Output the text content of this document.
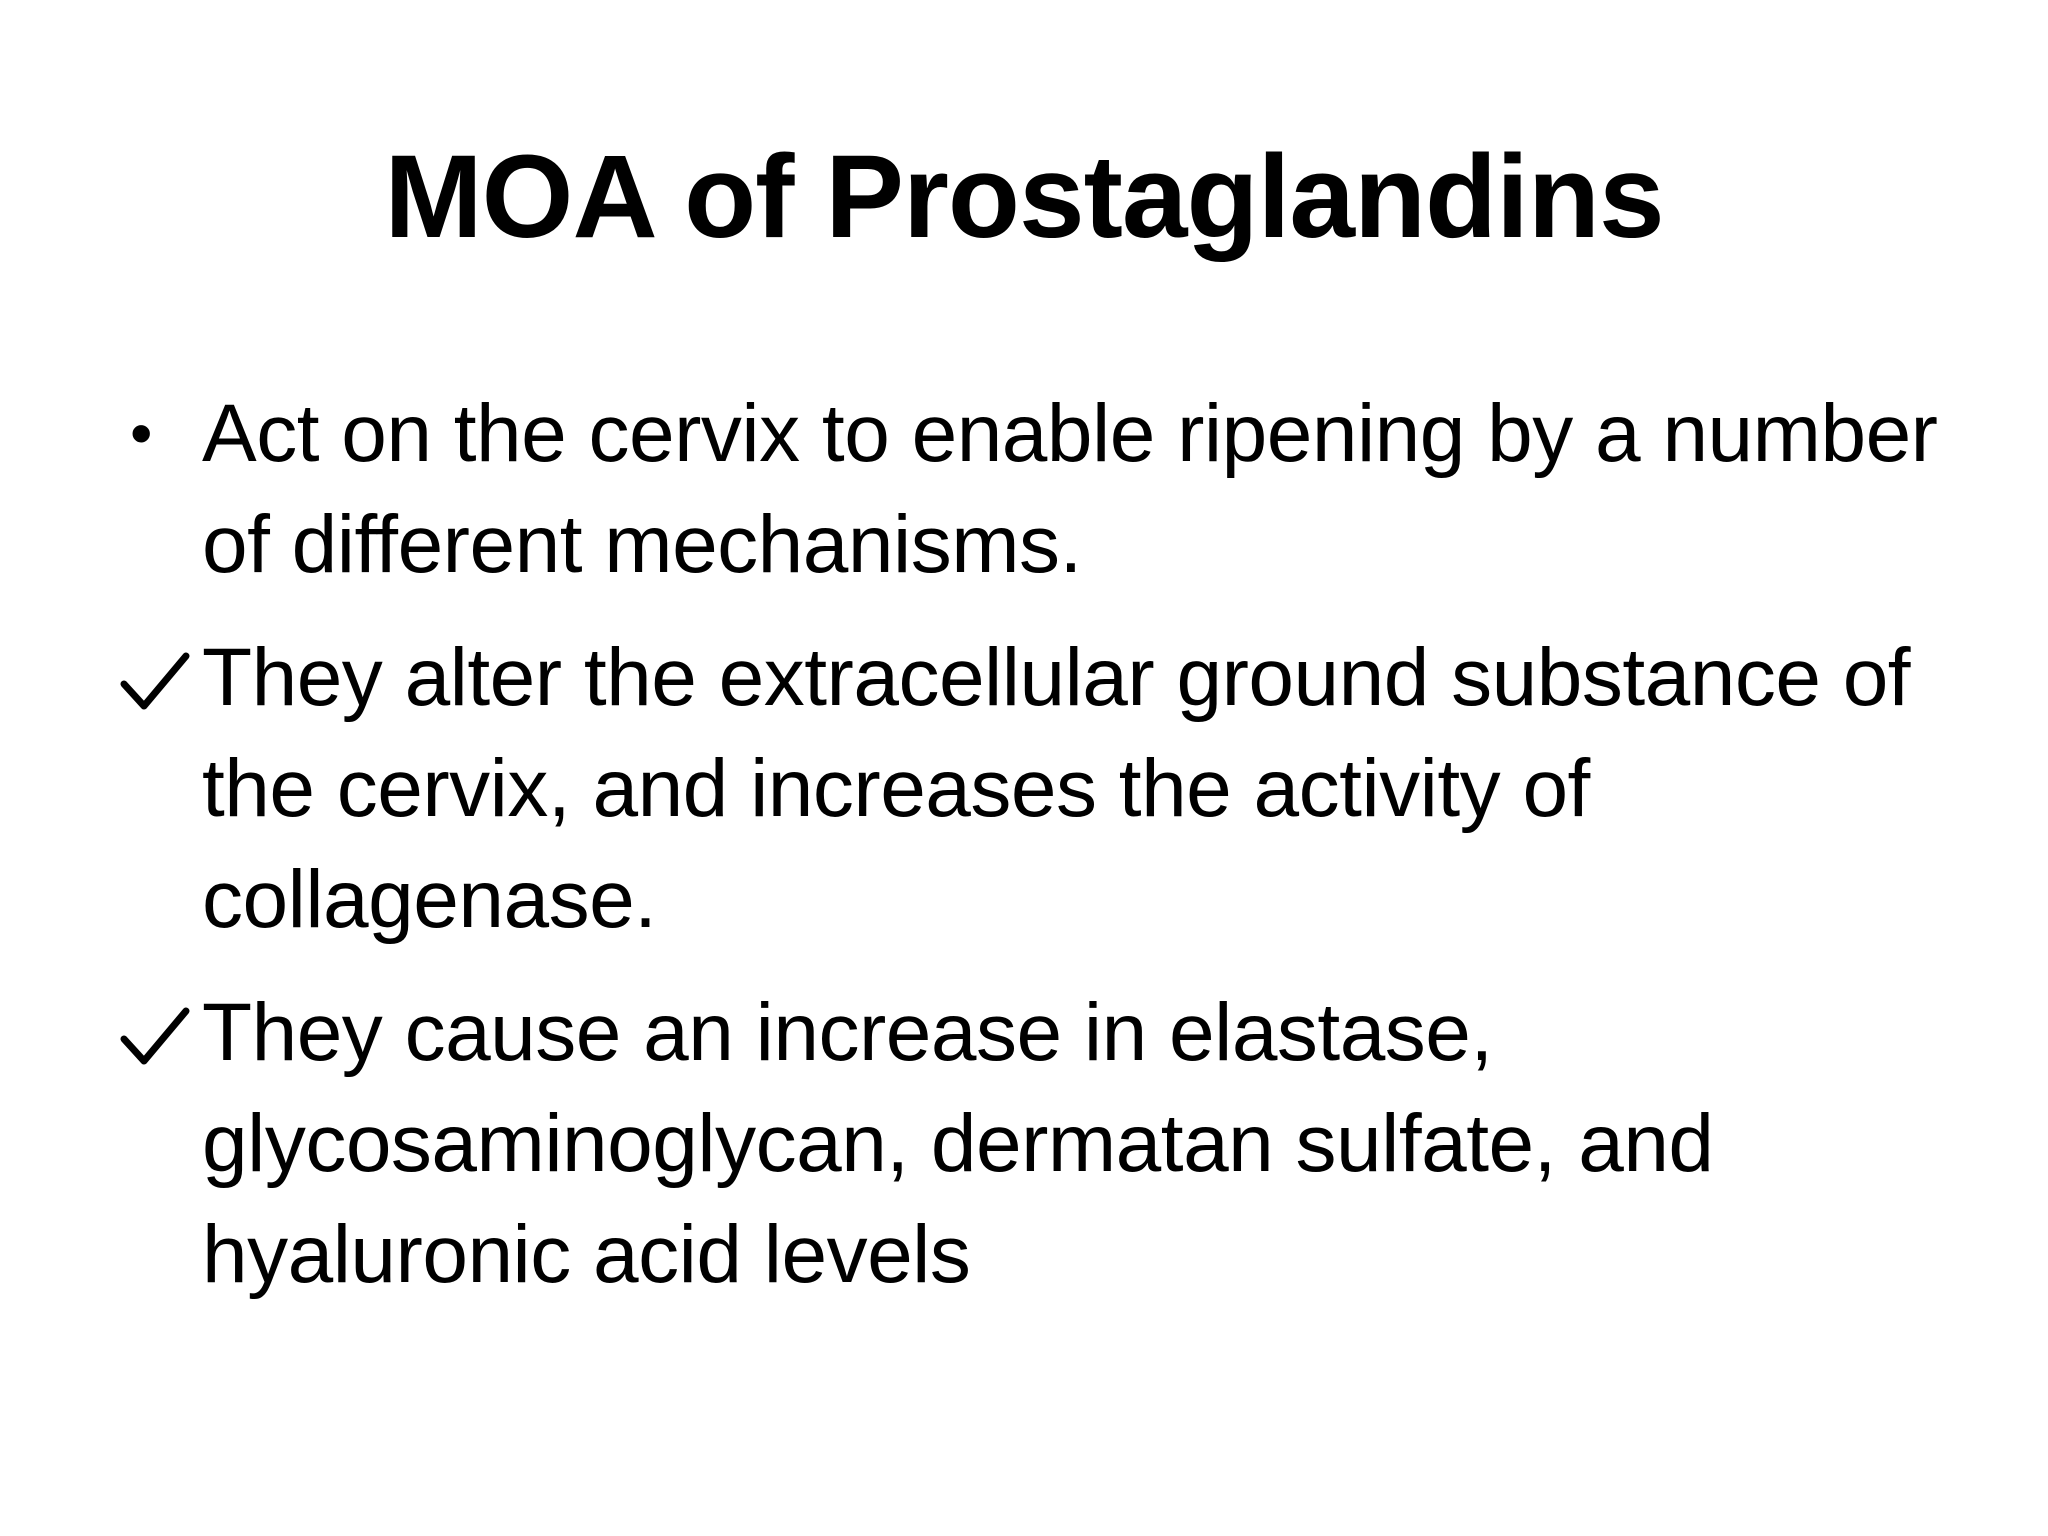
MOA of Prostaglandins
• Act on the cervix to enable ripening by a number of different mechanisms.
They alter the extracellular ground substance of the cervix, and increases the activity of collagenase.
They cause an increase in elastase, glycosaminoglycan, dermatan sulfate, and hyaluronic acid levels
